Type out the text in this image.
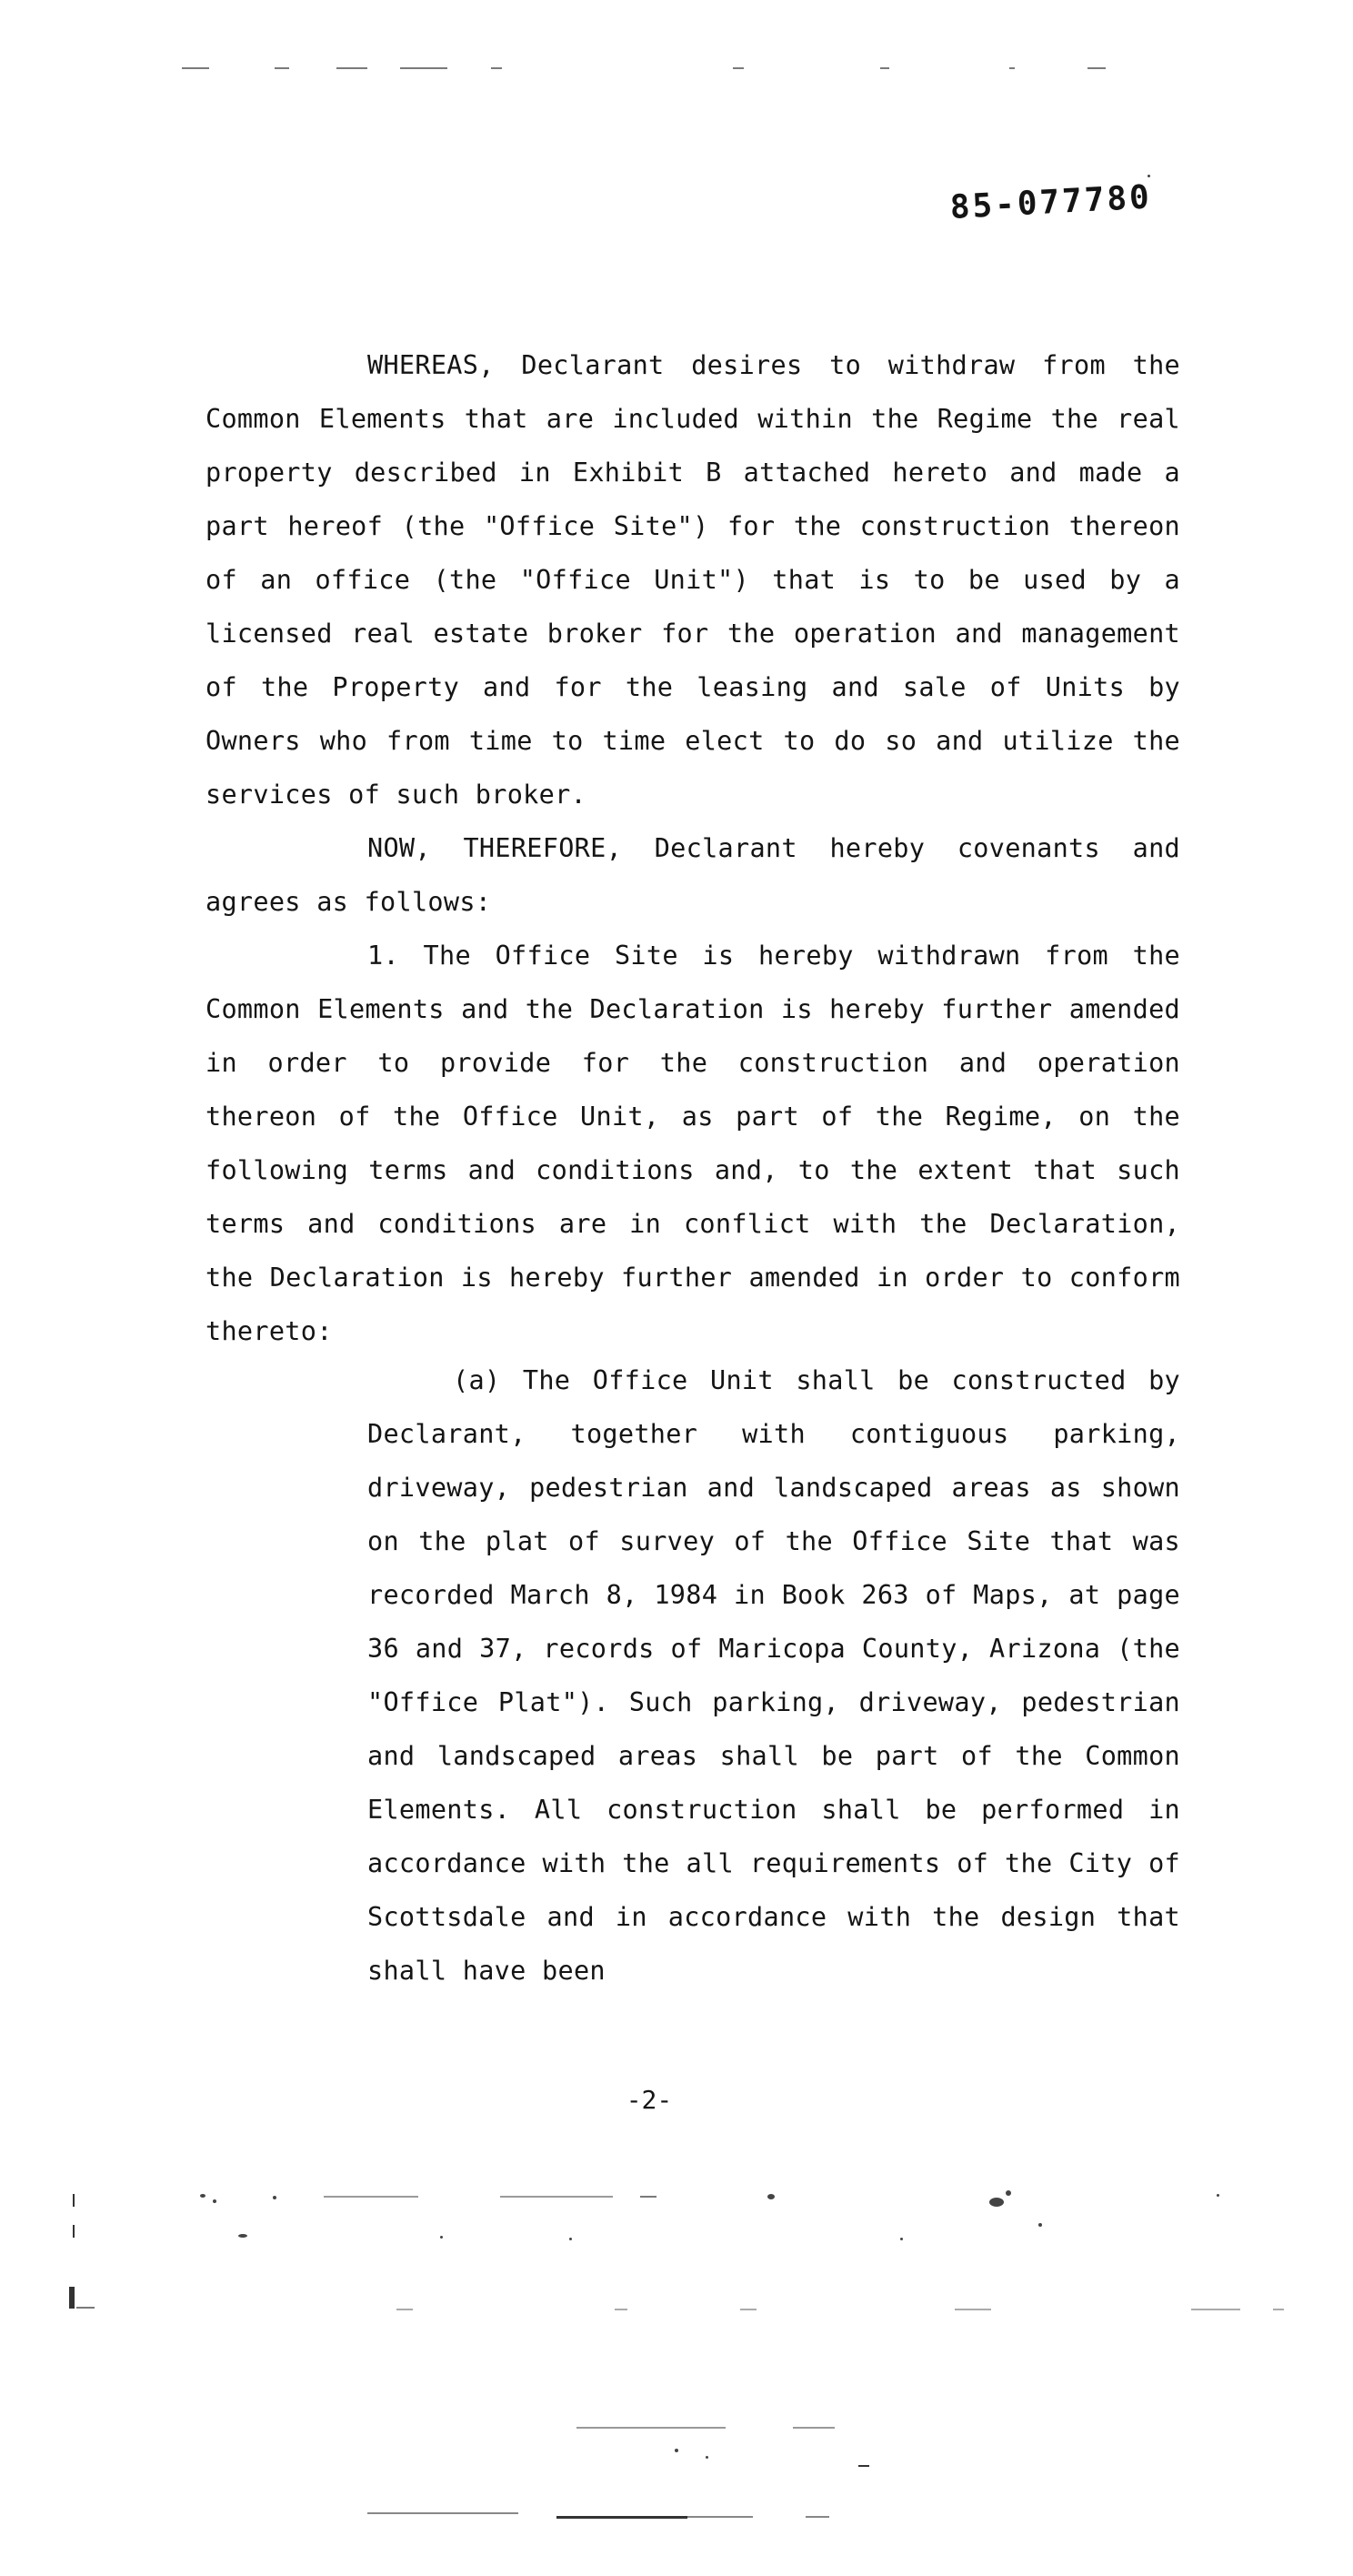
85-077780

WHEREAS, Declarant desires to withdraw from the Common Elements that are included within the Regime the real property described in Exhibit B attached hereto and made a part hereof (the "Office Site") for the construction thereon of an office (the "Office Unit") that is to be used by a licensed real estate broker for the operation and management of the Property and for the leasing and sale of Units by Owners who from time to time elect to do so and utilize the services of such broker.

NOW, THEREFORE, Declarant hereby covenants and agrees as follows:

1. The Office Site is hereby withdrawn from the Common Elements and the Declaration is hereby further amended in order to provide for the construction and operation thereon of the Office Unit, as part of the Regime, on the following terms and conditions and, to the extent that such terms and conditions are in conflict with the Declaration, the Declaration is hereby further amended in order to conform thereto:

(a) The Office Unit shall be constructed by Declarant, together with contiguous parking, driveway, pedestrian and landscaped areas as shown on the plat of survey of the Office Site that was recorded March 8, 1984 in Book 263 of Maps, at page 36 and 37, records of Maricopa County, Arizona (the "Office Plat"). Such parking, driveway, pedestrian and landscaped areas shall be part of the Common Elements. All construction shall be performed in accordance with the all requirements of the City of Scottsdale and in accordance with the design that shall have been

-2-
